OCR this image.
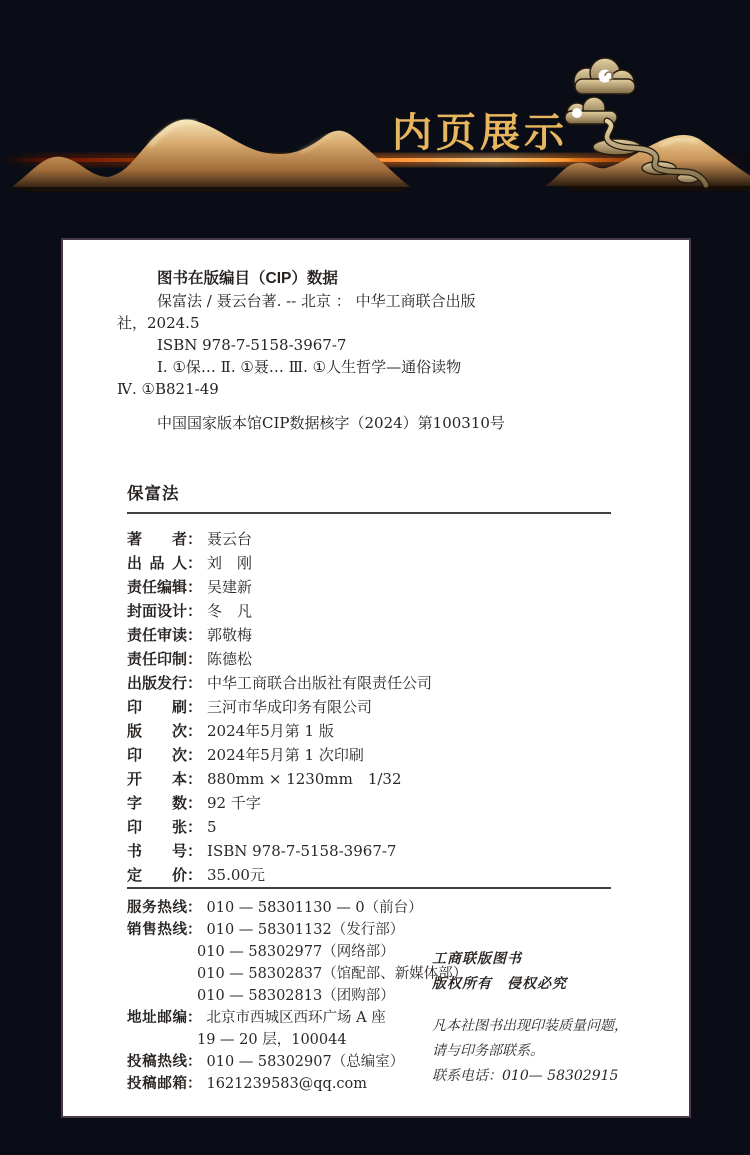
内页展示
图书在版编目（CIP）数据
保富法 / 聂云台著. -- 北京 ： 中华工商联合出版
社，2024.5
ISBN 978-7-5158-3967-7
Ⅰ. ①保… Ⅱ. ①聂… Ⅲ. ①人生哲学—通俗读物
Ⅳ. ①B821-49
中国国家版本馆CIP数据核字（2024）第100310号
保富法
著者 ： 聂云台
出品人 ： 刘　刚
责任编辑 ： 吴建新
封面设计 ： 冬　凡
责任审读 ： 郭敬梅
责任印制 ： 陈德松
出版发行 ： 中华工商联合出版社有限责任公司
印刷 ： 三河市华成印务有限公司
版次 ： 2024年5月第 1 版
印次 ： 2024年5月第 1 次印刷
开本 ： 880mm × 1230mm　1/32
字数 ： 92 千字
印张 ： 5
书号 ： ISBN 978-7-5158-3967-7
定价 ： 35.00元
服务热线 ： 010 — 58301130 — 0（前台）
销售热线 ： 010 — 58301132（发行部）
010 — 58302977（网络部）
010 — 58302837（馆配部、新媒体部）
010 — 58302813（团购部）
地址邮编 ： 北京市西城区西环广场 A 座
19 — 20 层，100044
投稿热线 ： 010 — 58302907（总编室）
投稿邮箱 ： 1621239583@qq.com
工商联版图书
版权所有　侵权必究
凡本社图书出现印装质量问题，
请与印务部联系。
联系电话：010— 58302915
